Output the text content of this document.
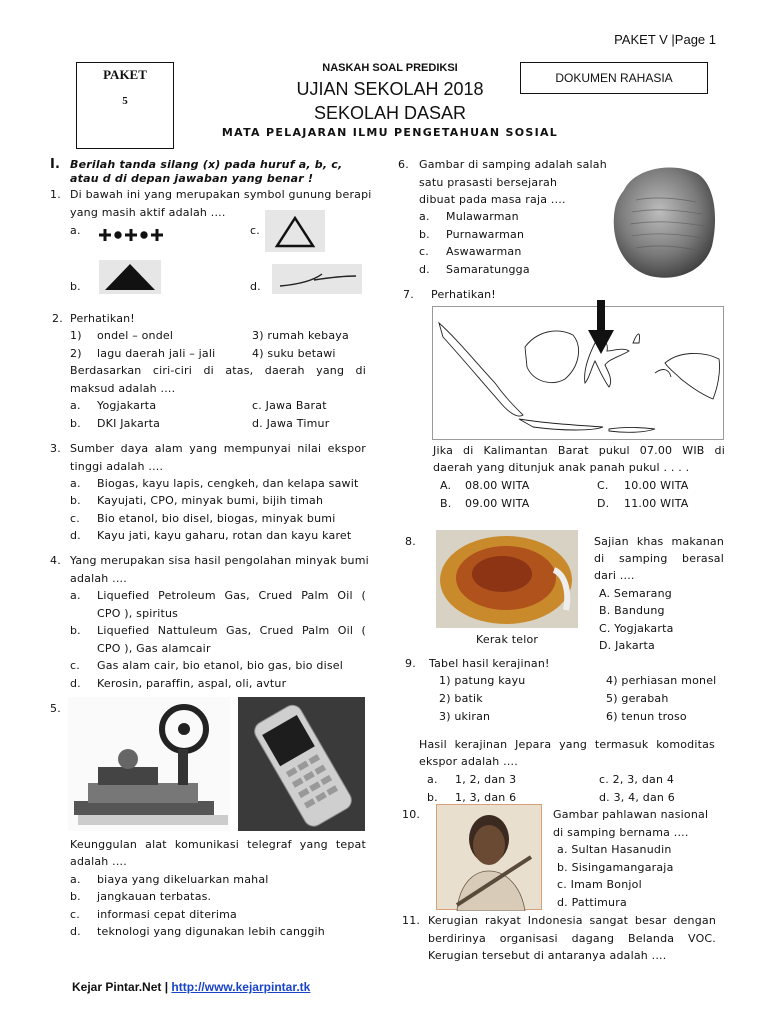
PAKET V |Page 1
PAKET
5
NASKAH SOAL PREDIKSI
UJIAN SEKOLAH 2018
SEKOLAH DASAR
MATA PELAJARAN ILMU PENGETAHUAN SOSIAL
DOKUMEN RAHASIA
I. Berilah tanda silang (x) pada huruf a, b, c,
atau d di depan jawaban yang benar !
1. Di bawah ini yang merupakan symbol gunung berapi
yang masih aktif adalah ....
a.	c.
b.	d.
2. Perhatikan!
1) ondel – ondel	3) rumah kebaya
2) lagu daerah jali – jali	4) suku betawi
Berdasarkan ciri-ciri di atas, daerah yang di
maksud adalah ....
a. Yogjakarta	c. Jawa Barat
b. DKI Jakarta	d. Jawa Timur
3. Sumber daya alam yang mempunyai nilai ekspor
tinggi adalah ....
a. Biogas, kayu lapis, cengkeh, dan kelapa sawit
b. Kayujati, CPO, minyak bumi, bijih timah
c. Bio etanol, bio disel, biogas, minyak bumi
d. Kayu jati, kayu gaharu, rotan dan kayu karet
4. Yang merupakan sisa hasil pengolahan minyak bumi
adalah ....
a. Liquefied Petroleum Gas, Crued Palm Oil (
CPO ), spiritus
b. Liquefied Nattuleum Gas, Crued Palm Oil (
CPO ), Gas alamcair
c. Gas alam cair, bio etanol, bio gas, bio disel
d. Kerosin, paraffin, aspal, oli, avtur
5.
Keunggulan alat komunikasi telegraf yang tepat
adalah ....
a. biaya yang dikeluarkan mahal
b. jangkauan terbatas.
c. informasi cepat diterima
d. teknologi yang digunakan lebih canggih
6. Gambar di samping adalah salah
satu prasasti bersejarah
dibuat pada masa raja ....
a. Mulawarman
b. Purnawarman
c. Aswawarman
d. Samaratungga
7. Perhatikan!
Jika di Kalimantan Barat pukul 07.00 WIB di
daerah yang ditunjuk anak panah pukul . . . .
A. 08.00 WITA	C. 10.00 WITA
B. 09.00 WITA	D. 11.00 WITA
8.
Kerak telor
Sajian khas makanan
di samping berasal
dari ....
A. Semarang
B. Bandung
C. Yogjakarta
D. Jakarta
9. Tabel hasil kerajinan!
1) patung kayu	4) perhiasan monel
2) batik	5) gerabah
3) ukiran	6) tenun troso
Hasil kerajinan Jepara yang termasuk komoditas
ekspor adalah ....
a. 1, 2, dan 3	c. 2, 3, dan 4
b. 1, 3, dan 6	d. 3, 4, dan 6
10.	Gambar pahlawan nasional
di samping bernama ....
a. Sultan Hasanudin
b. Sisingamangaraja
c. Imam Bonjol
d. Pattimura
11. Kerugian rakyat Indonesia sangat besar dengan
berdirinya organisasi dagang Belanda VOC.
Kerugian tersebut di antaranya adalah ....
Kejar Pintar.Net | http://www.kejarpintar.tk
